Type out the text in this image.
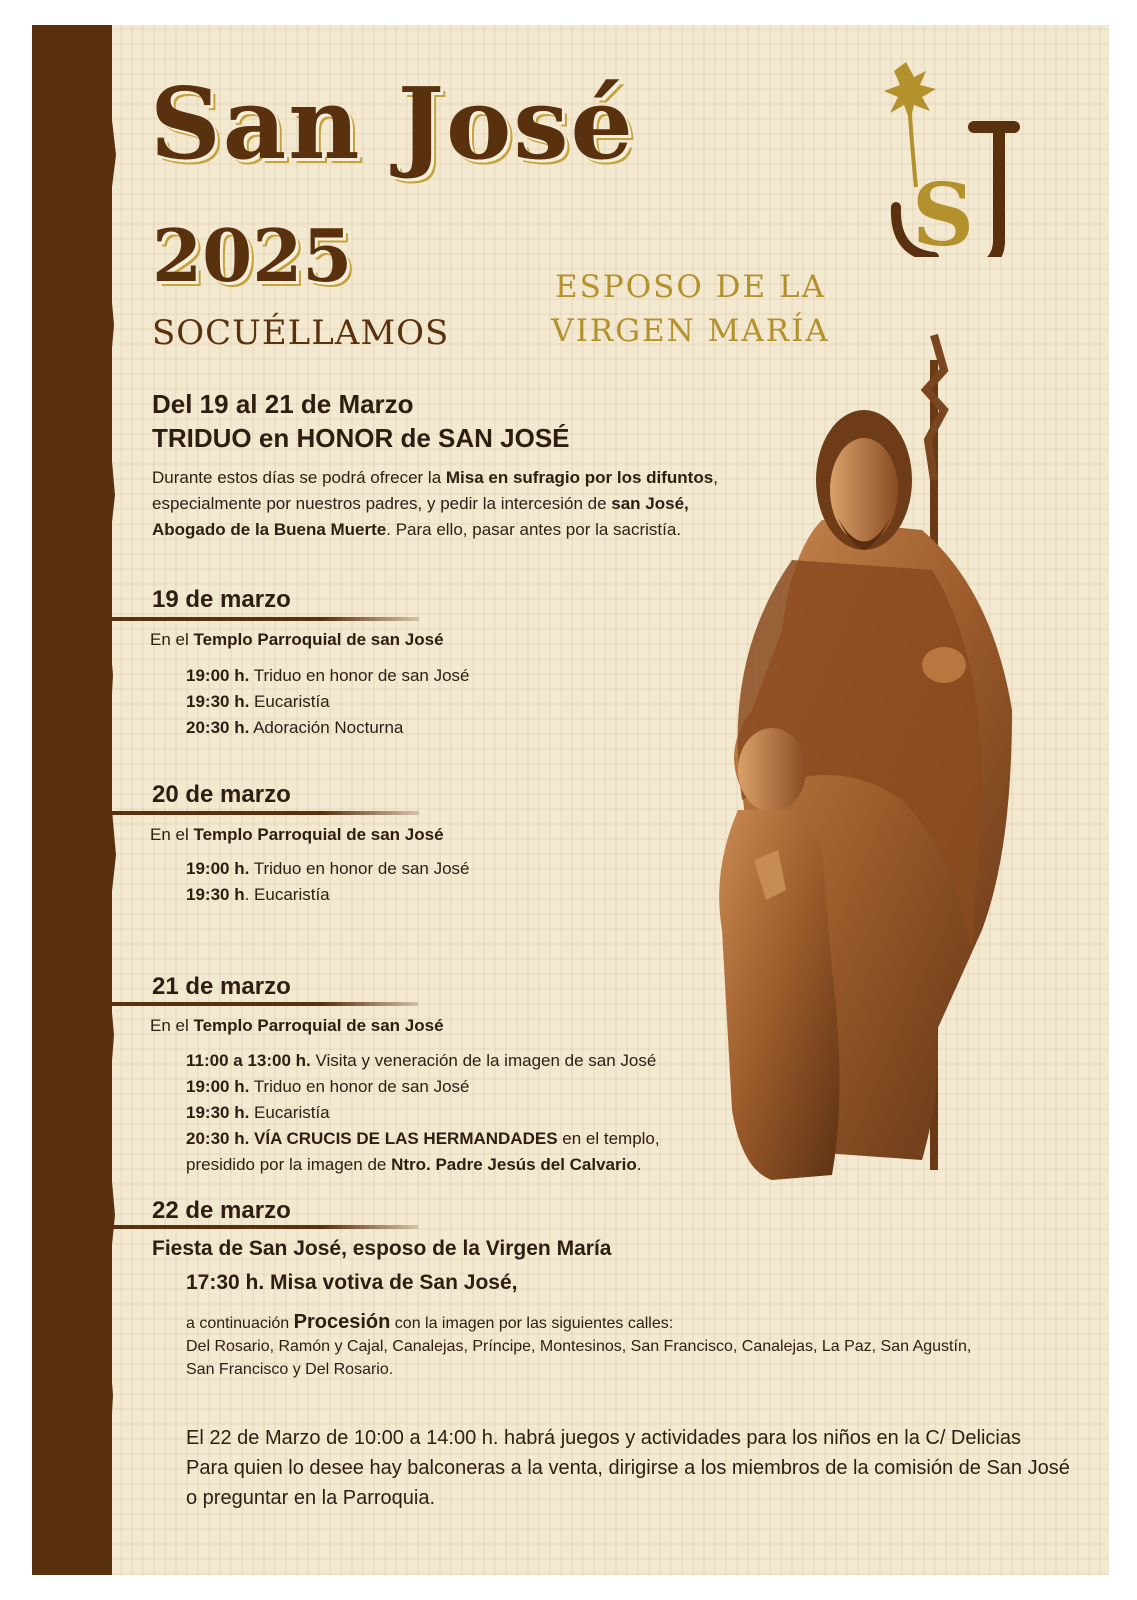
San José
2025
SOCUÉLLAMOS
ESPOSO DE LA
VIRGEN MARÍA
S
Del 19 al 21 de Marzo
TRIDUO en HONOR de SAN JOSÉ
Durante estos días se podrá ofrecer la Misa en sufragio por los difuntos, especialmente por nuestros padres, y pedir la intercesión de san José, Abogado de la Buena Muerte. Para ello, pasar antes por la sacristía.
19 de marzo
En el Templo Parroquial de san José
19:00 h. Triduo en honor de san José
19:30 h. Eucaristía
20:30 h. Adoración Nocturna
20 de marzo
En el Templo Parroquial de san José
19:00 h. Triduo en honor de san José
19:30 h. Eucaristía
21 de marzo
En el Templo Parroquial de san José
11:00 a 13:00 h. Visita y veneración de la imagen de san José
19:00 h. Triduo en honor de san José
19:30 h. Eucaristía
20:30 h. VÍA CRUCIS DE LAS HERMANDADES en el templo,
presidido por la imagen de Ntro. Padre Jesús del Calvario.
22 de marzo
Fiesta de San José, esposo de la Virgen María
17:30 h. Misa votiva de San José,
a continuación Procesión con la imagen por las siguientes calles:
Del Rosario, Ramón y Cajal, Canalejas, Príncipe, Montesinos, San Francisco, Canalejas, La Paz, San Agustín,
San Francisco y Del Rosario.
El 22 de Marzo de 10:00 a 14:00 h. habrá juegos y actividades para los niños en la C/ Delicias
Para quien lo desee hay balconeras a la venta, dirigirse a los miembros de la comisión de San José
o preguntar en la Parroquia.
